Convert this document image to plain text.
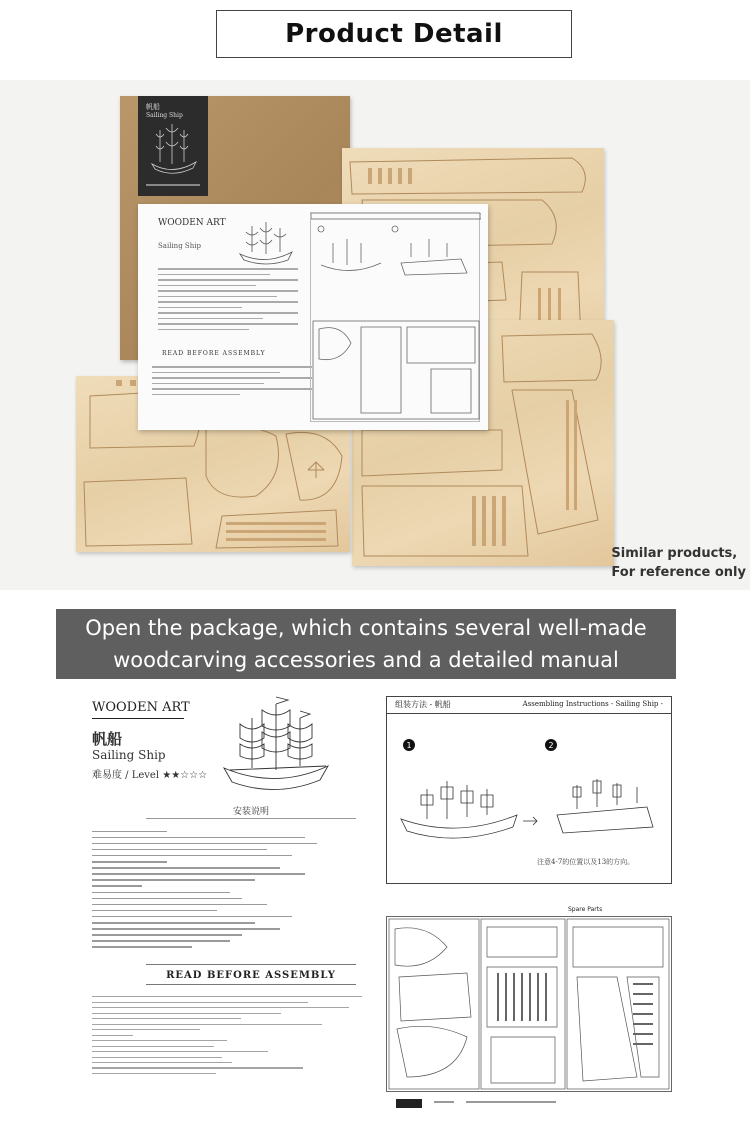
Product Detail
帆船
Sailing Ship
WOODEN ART
Sailing Ship
READ BEFORE ASSEMBLY
Similar products,
For reference only
Open the package, which contains several well-made
woodcarving accessories and a detailed manual
WOODEN ART
帆船
Sailing Ship
难易度 / Level ★★☆☆☆
安装说明
READ BEFORE ASSEMBLY
组装方法 - 帆船	Assembling Instructions - Sailing Ship -
1	2
注意4-7的位置以及13的方向。
Spare Parts
